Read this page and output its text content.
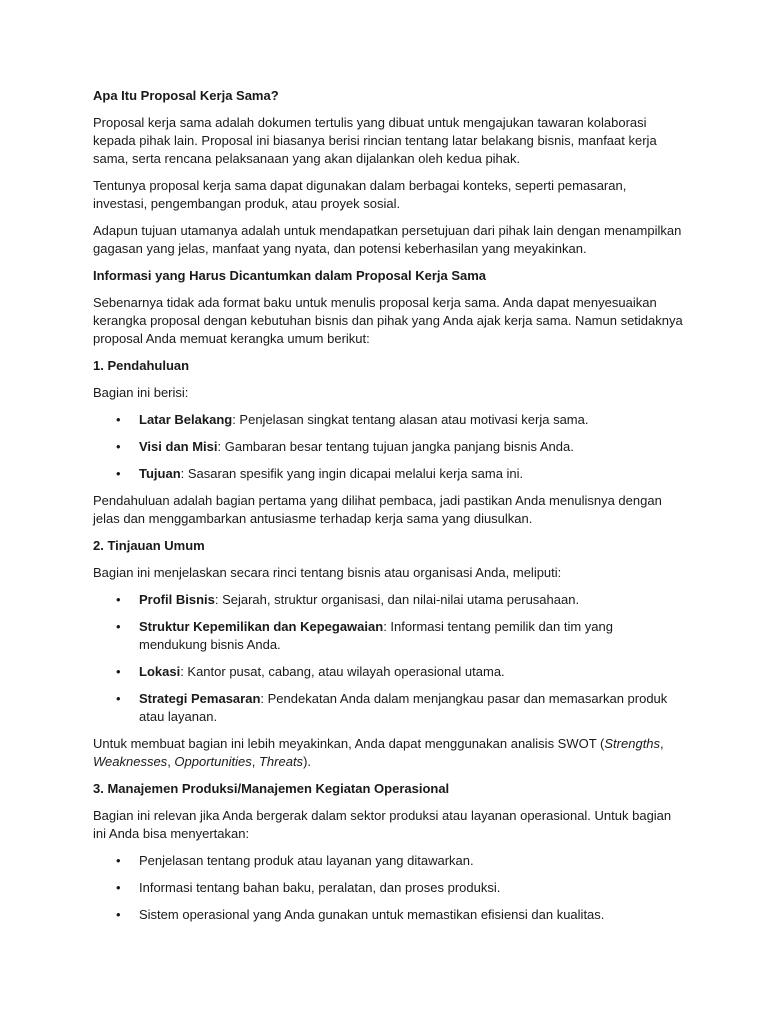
Apa Itu Proposal Kerja Sama?

Proposal kerja sama adalah dokumen tertulis yang dibuat untuk mengajukan tawaran kolaborasi kepada pihak lain. Proposal ini biasanya berisi rincian tentang latar belakang bisnis, manfaat kerja sama, serta rencana pelaksanaan yang akan dijalankan oleh kedua pihak.

Tentunya proposal kerja sama dapat digunakan dalam berbagai konteks, seperti pemasaran, investasi, pengembangan produk, atau proyek sosial.

Adapun tujuan utamanya adalah untuk mendapatkan persetujuan dari pihak lain dengan menampilkan gagasan yang jelas, manfaat yang nyata, dan potensi keberhasilan yang meyakinkan.

Informasi yang Harus Dicantumkan dalam Proposal Kerja Sama

Sebenarnya tidak ada format baku untuk menulis proposal kerja sama. Anda dapat menyesuaikan kerangka proposal dengan kebutuhan bisnis dan pihak yang Anda ajak kerja sama. Namun setidaknya proposal Anda memuat kerangka umum berikut:

1. Pendahuluan

Bagian ini berisi:

• Latar Belakang: Penjelasan singkat tentang alasan atau motivasi kerja sama.
• Visi dan Misi: Gambaran besar tentang tujuan jangka panjang bisnis Anda.
• Tujuan: Sasaran spesifik yang ingin dicapai melalui kerja sama ini.

Pendahuluan adalah bagian pertama yang dilihat pembaca, jadi pastikan Anda menulisnya dengan jelas dan menggambarkan antusiasme terhadap kerja sama yang diusulkan.

2. Tinjauan Umum

Bagian ini menjelaskan secara rinci tentang bisnis atau organisasi Anda, meliputi:

• Profil Bisnis: Sejarah, struktur organisasi, dan nilai-nilai utama perusahaan.
• Struktur Kepemilikan dan Kepegawaian: Informasi tentang pemilik dan tim yang mendukung bisnis Anda.
• Lokasi: Kantor pusat, cabang, atau wilayah operasional utama.
• Strategi Pemasaran: Pendekatan Anda dalam menjangkau pasar dan memasarkan produk atau layanan.

Untuk membuat bagian ini lebih meyakinkan, Anda dapat menggunakan analisis SWOT (Strengths, Weaknesses, Opportunities, Threats).

3. Manajemen Produksi/Manajemen Kegiatan Operasional

Bagian ini relevan jika Anda bergerak dalam sektor produksi atau layanan operasional. Untuk bagian ini Anda bisa menyertakan:

• Penjelasan tentang produk atau layanan yang ditawarkan.
• Informasi tentang bahan baku, peralatan, dan proses produksi.
• Sistem operasional yang Anda gunakan untuk memastikan efisiensi dan kualitas.
